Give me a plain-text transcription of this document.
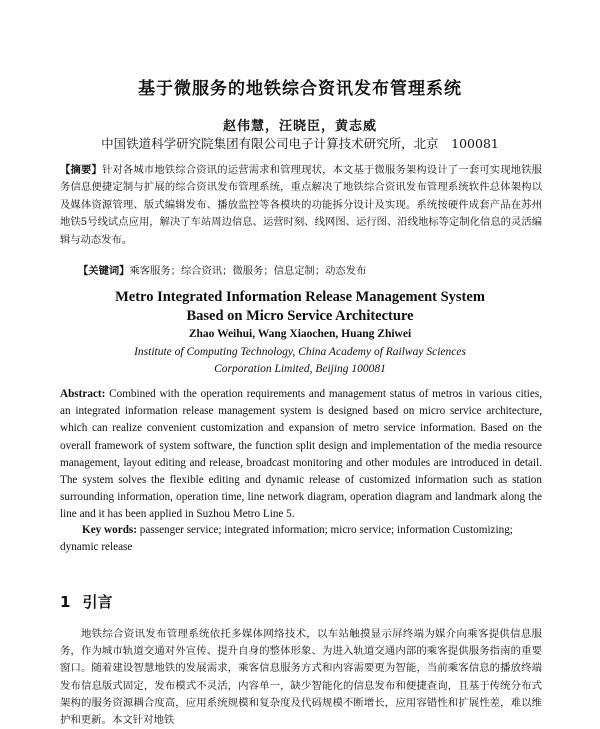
基于微服务的地铁综合资讯发布管理系统
赵伟慧，汪晓臣，黄志威
中国铁道科学研究院集团有限公司电子计算技术研究所，北京　100081
【摘要】针对各城市地铁综合资讯的运营需求和管理现状，本文基于微服务架构设计了一套可实现地铁服务信息便捷定制与扩展的综合资讯发布管理系统，重点解决了地铁综合资讯发布管理系统软件总体架构以及媒体资源管理、版式编辑发布、播放监控等各模块的功能拆分设计及实现。系统按硬件成套产品在苏州地铁5号线试点应用，解决了车站周边信息、运营时刻、线网图、运行图、沿线地标等定制化信息的灵活编辑与动态发布。
【关键词】乘客服务；综合资讯；微服务；信息定制；动态发布
Metro Integrated Information Release Management System
Based on Micro Service Architecture
Zhao Weihui, Wang Xiaochen, Huang Zhiwei
Institute of Computing Technology, China Academy of Railway Sciences
Corporation Limited, Beijing 100081
Abstract: Combined with the operation requirements and management status of metros in various cities, an integrated information release management system is designed based on micro service architecture, which can realize convenient customization and expansion of metro service information. Based on the overall framework of system software, the function split design and implementation of the media resource management, layout editing and release, broadcast monitoring and other modules are introduced in detail. The system solves the flexible editing and dynamic release of customized information such as station surrounding information, operation time, line network diagram, operation diagram and landmark along the line and it has been applied in Suzhou Metro Line 5.
Key words: passenger service; integrated information; micro service; information Customizing; dynamic release
1 引言
地铁综合资讯发布管理系统依托多媒体网络技术，以车站触摸显示屏终端为媒介向乘客提供信息服务，作为城市轨道交通对外宣传、提升自身的整体形象、为进入轨道交通内部的乘客提供服务指南的重要窗口。随着建设智慧地铁的发展需求，乘客信息服务方式和内容需要更为智能，当前乘客信息的播放终端发布信息版式固定，发布模式不灵活，内容单一，缺少智能化的信息发布和便捷查询，且基于传统分布式架构的服务资源耦合度高，应用系统规模和复杂度及代码规模不断增长，应用容错性和扩展性差，难以维护和更新。本文针对地铁
